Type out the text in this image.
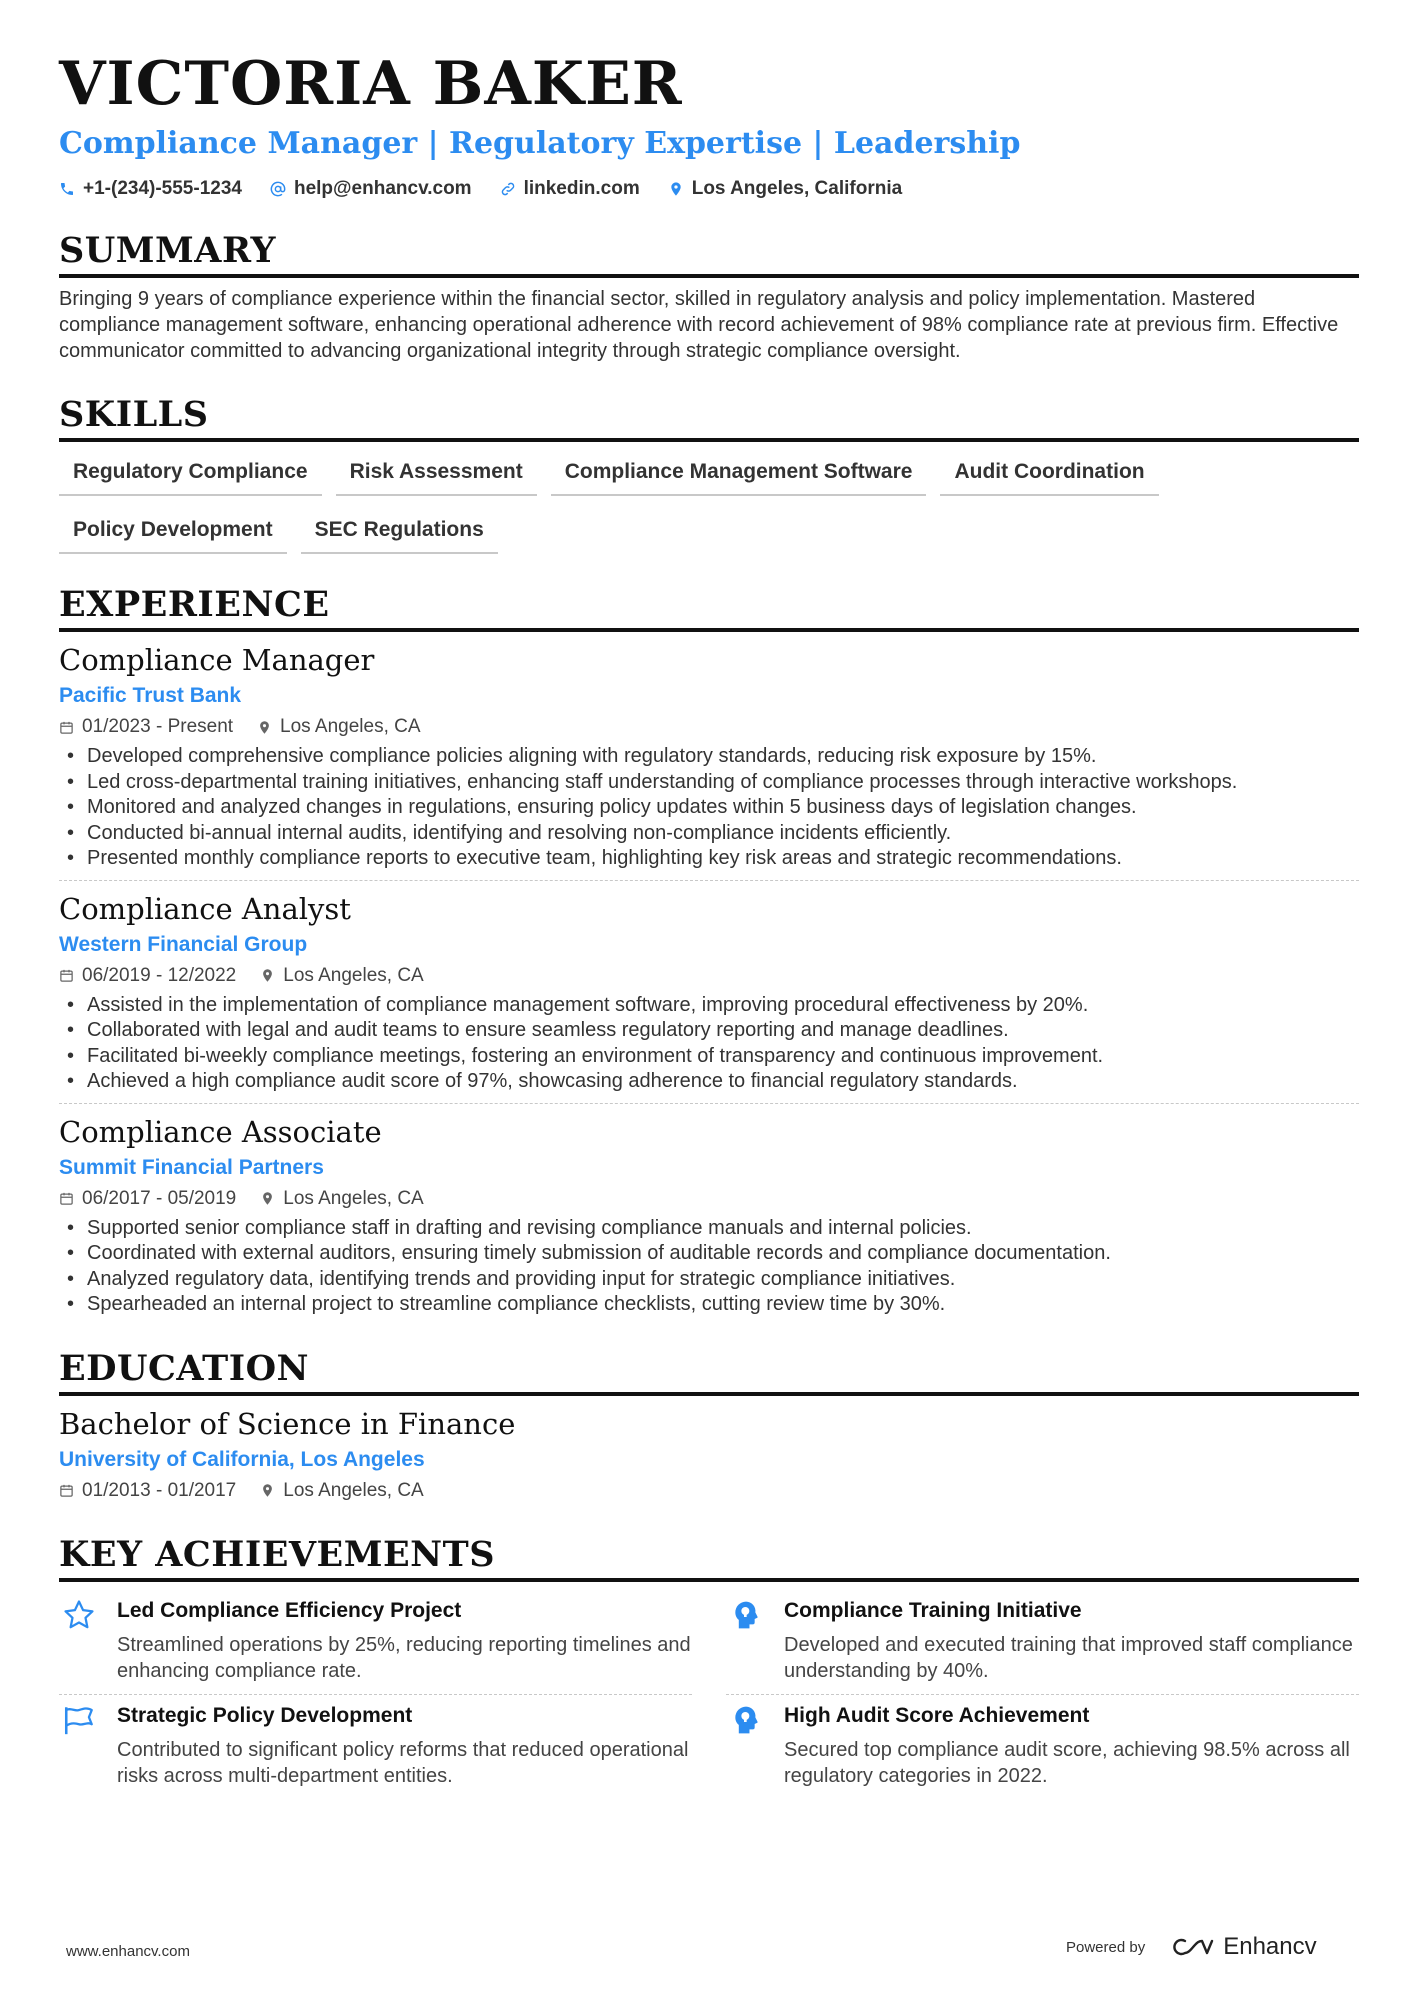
VICTORIA BAKER
Compliance Manager | Regulatory Expertise | Leadership
+1-(234)-555-1234	help@enhancv.com	linkedin.com	Los Angeles, California
SUMMARY
Bringing 9 years of compliance experience within the financial sector, skilled in regulatory analysis and policy implementation. Mastered compliance management software, enhancing operational adherence with record achievement of 98% compliance rate at previous firm. Effective communicator committed to advancing organizational integrity through strategic compliance oversight.
SKILLS
Regulatory Compliance	Risk Assessment	Compliance Management Software	Audit Coordination
Policy Development	SEC Regulations
EXPERIENCE
Compliance Manager
Pacific Trust Bank
01/2023 - Present Los Angeles, CA
• Developed comprehensive compliance policies aligning with regulatory standards, reducing risk exposure by 15%.
• Led cross-departmental training initiatives, enhancing staff understanding of compliance processes through interactive workshops.
• Monitored and analyzed changes in regulations, ensuring policy updates within 5 business days of legislation changes.
• Conducted bi-annual internal audits, identifying and resolving non-compliance incidents efficiently.
• Presented monthly compliance reports to executive team, highlighting key risk areas and strategic recommendations.
Compliance Analyst
Western Financial Group
06/2019 - 12/2022 Los Angeles, CA
• Assisted in the implementation of compliance management software, improving procedural effectiveness by 20%.
• Collaborated with legal and audit teams to ensure seamless regulatory reporting and manage deadlines.
• Facilitated bi-weekly compliance meetings, fostering an environment of transparency and continuous improvement.
• Achieved a high compliance audit score of 97%, showcasing adherence to financial regulatory standards.
Compliance Associate
Summit Financial Partners
06/2017 - 05/2019 Los Angeles, CA
• Supported senior compliance staff in drafting and revising compliance manuals and internal policies.
• Coordinated with external auditors, ensuring timely submission of auditable records and compliance documentation.
• Analyzed regulatory data, identifying trends and providing input for strategic compliance initiatives.
• Spearheaded an internal project to streamline compliance checklists, cutting review time by 30%.
EDUCATION
Bachelor of Science in Finance
University of California, Los Angeles
01/2013 - 01/2017 Los Angeles, CA
KEY ACHIEVEMENTS
Led Compliance Efficiency Project
Streamlined operations by 25%, reducing reporting timelines and enhancing compliance rate.
Compliance Training Initiative
Developed and executed training that improved staff compliance understanding by 40%.
Strategic Policy Development
Contributed to significant policy reforms that reduced operational risks across multi-department entities.
High Audit Score Achievement
Secured top compliance audit score, achieving 98.5% across all regulatory categories in 2022.
www.enhancv.com	Powered by	Enhancv
